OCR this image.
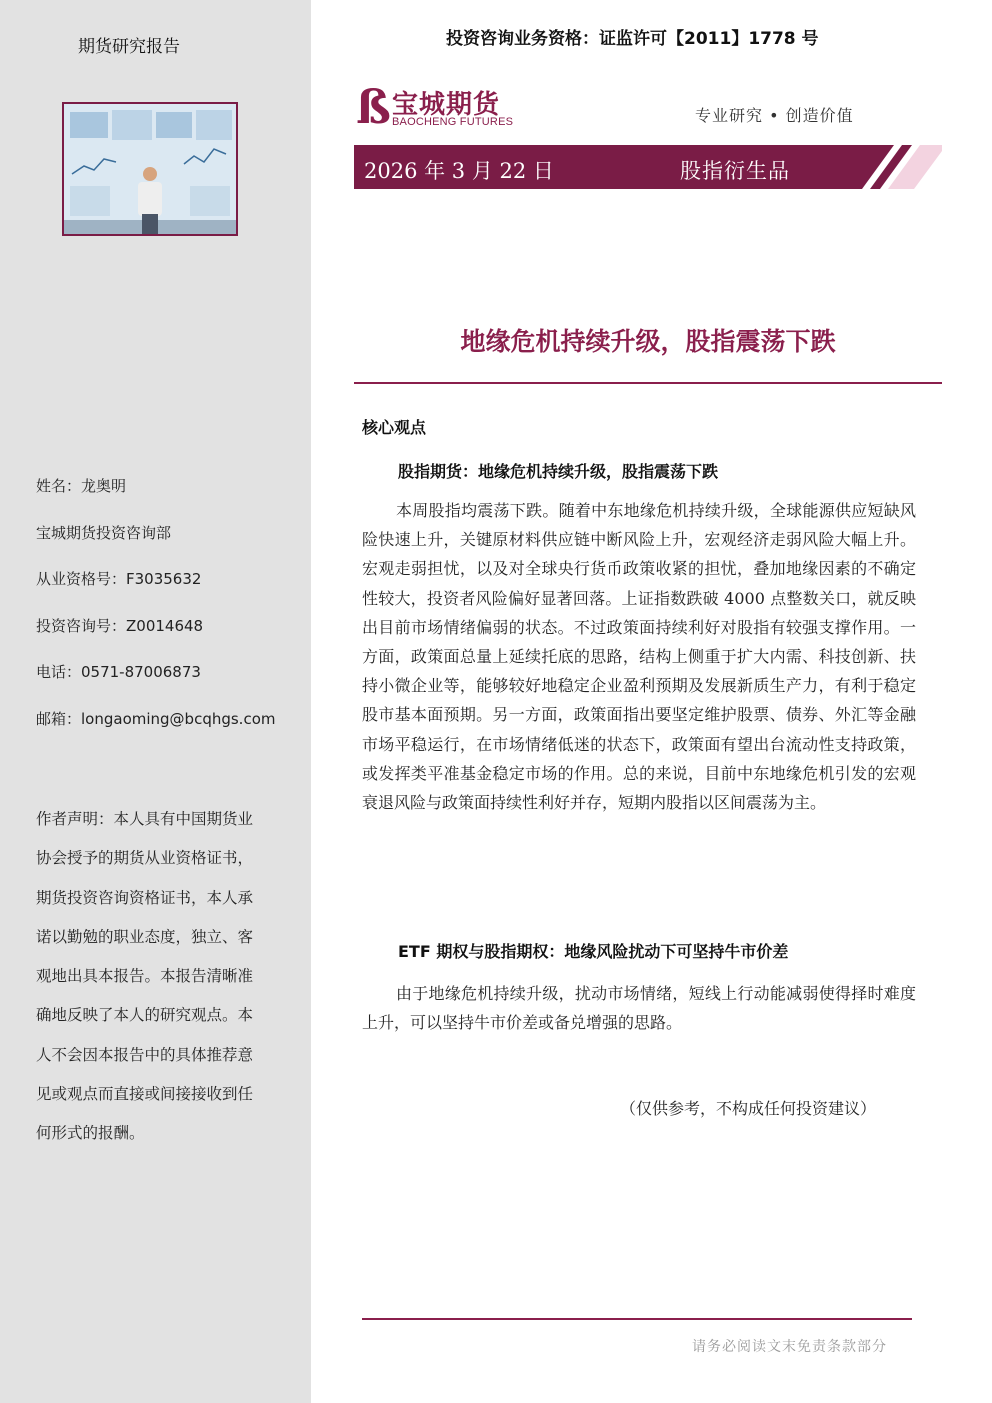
期货研究报告
姓名：龙奥明
宝城期货投资咨询部
从业资格号：F3035632
投资咨询号：Z0014648
电话：0571-87006873
邮箱：longaoming@bcqhgs.com
作者声明：本人具有中国期货业协会授予的期货从业资格证书，期货投资咨询资格证书，本人承诺以勤勉的职业态度，独立、客观地出具本报告。本报告清晰准确地反映了本人的研究观点。本人不会因本报告中的具体推荐意见或观点而直接或间接接收到任何形式的报酬。
投资咨询业务资格：证监许可【2011】1778 号
ß 宝城期货
BAOCHENG FUTURES	专业研究 • 创造价值
2026 年 3 月 22 日	股指衍生品
地缘危机持续升级，股指震荡下跌
核心观点
股指期货：地缘危机持续升级，股指震荡下跌
本周股指均震荡下跌。随着中东地缘危机持续升级，全球能源供应短缺风险快速上升，关键原材料供应链中断风险上升，宏观经济走弱风险大幅上升。宏观走弱担忧，以及对全球央行货币政策收紧的担忧，叠加地缘因素的不确定性较大，投资者风险偏好显著回落。上证指数跌破 4000 点整数关口，就反映出目前市场情绪偏弱的状态。不过政策面持续利好对股指有较强支撑作用。一方面，政策面总量上延续托底的思路，结构上侧重于扩大内需、科技创新、扶持小微企业等，能够较好地稳定企业盈利预期及发展新质生产力，有利于稳定股市基本面预期。另一方面，政策面指出要坚定维护股票、债券、外汇等金融市场平稳运行，在市场情绪低迷的状态下，政策面有望出台流动性支持政策，或发挥类平准基金稳定市场的作用。总的来说，目前中东地缘危机引发的宏观衰退风险与政策面持续性利好并存，短期内股指以区间震荡为主。
ETF 期权与股指期权：地缘风险扰动下可坚持牛市价差
由于地缘危机持续升级，扰动市场情绪，短线上行动能减弱使得择时难度上升，可以坚持牛市价差或备兑增强的思路。
（仅供参考，不构成任何投资建议）
请务必阅读文末免责条款部分
